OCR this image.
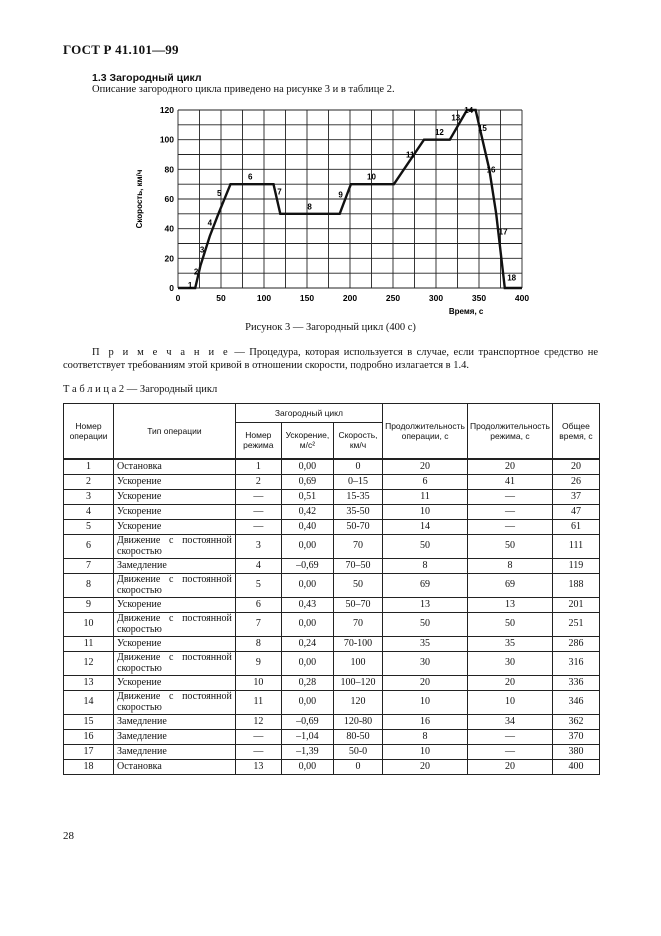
ГОСТ Р 41.101—99
1.3 Загородный цикл
Описание загородного цикла приведено на рисунке 3 и в таблице 2.
0	50	100	150	200	250	300	350	400
0
20
40
60
80
100
120
Время, с
Скорость, км/ч
1
2
3
4
5
6
7
8
9
10
11
12
13
14
15
16
17
18
Рисунок 3 — Загородный цикл (400 с)
П р и м е ч а н и е — Процедура, которая используется в случае, если транспортное средство не соответствует требованиям этой кривой в отношении скорости, подробно излагается в 1.4.
Т а б л и ц а 2 — Загородный цикл
Номер операции	Тип операции	Загородный цикл			Продолжительность операции, с	Продолжительность режима, с	Общее время, с
		Номер режима	Ускорение, м/с²	Скорость, км/ч			
1	Остановка	1	0,00	0	20	20	20
2	Ускорение	2	0,69	0–15	6	41	26
3	Ускорение	—	0,51	15-35	11	—	37
4	Ускорение	—	0,42	35-50	10	—	47
5	Ускорение	—	0,40	50-70	14	—	61
6	Движение с постоянной скоростью	3	0,00	70	50	50	111
7	Замедление	4	–0,69	70–50	8	8	119
8	Движение с постоянной скоростью	5	0,00	50	69	69	188
9	Ускорение	6	0,43	50–70	13	13	201
10	Движение с постоянной скоростью	7	0,00	70	50	50	251
11	Ускорение	8	0,24	70-100	35	35	286
12	Движение с постоянной скоростью	9	0,00	100	30	30	316
13	Ускорение	10	0,28	100–120	20	20	336
14	Движение с постоянной скоростью	11	0,00	120	10	10	346
15	Замедление	12	–0,69	120-80	16	34	362
16	Замедление	—	–1,04	80-50	8	—	370
17	Замедление	—	–1,39	50-0	10	—	380
18	Остановка	13	0,00	0	20	20	400
28
